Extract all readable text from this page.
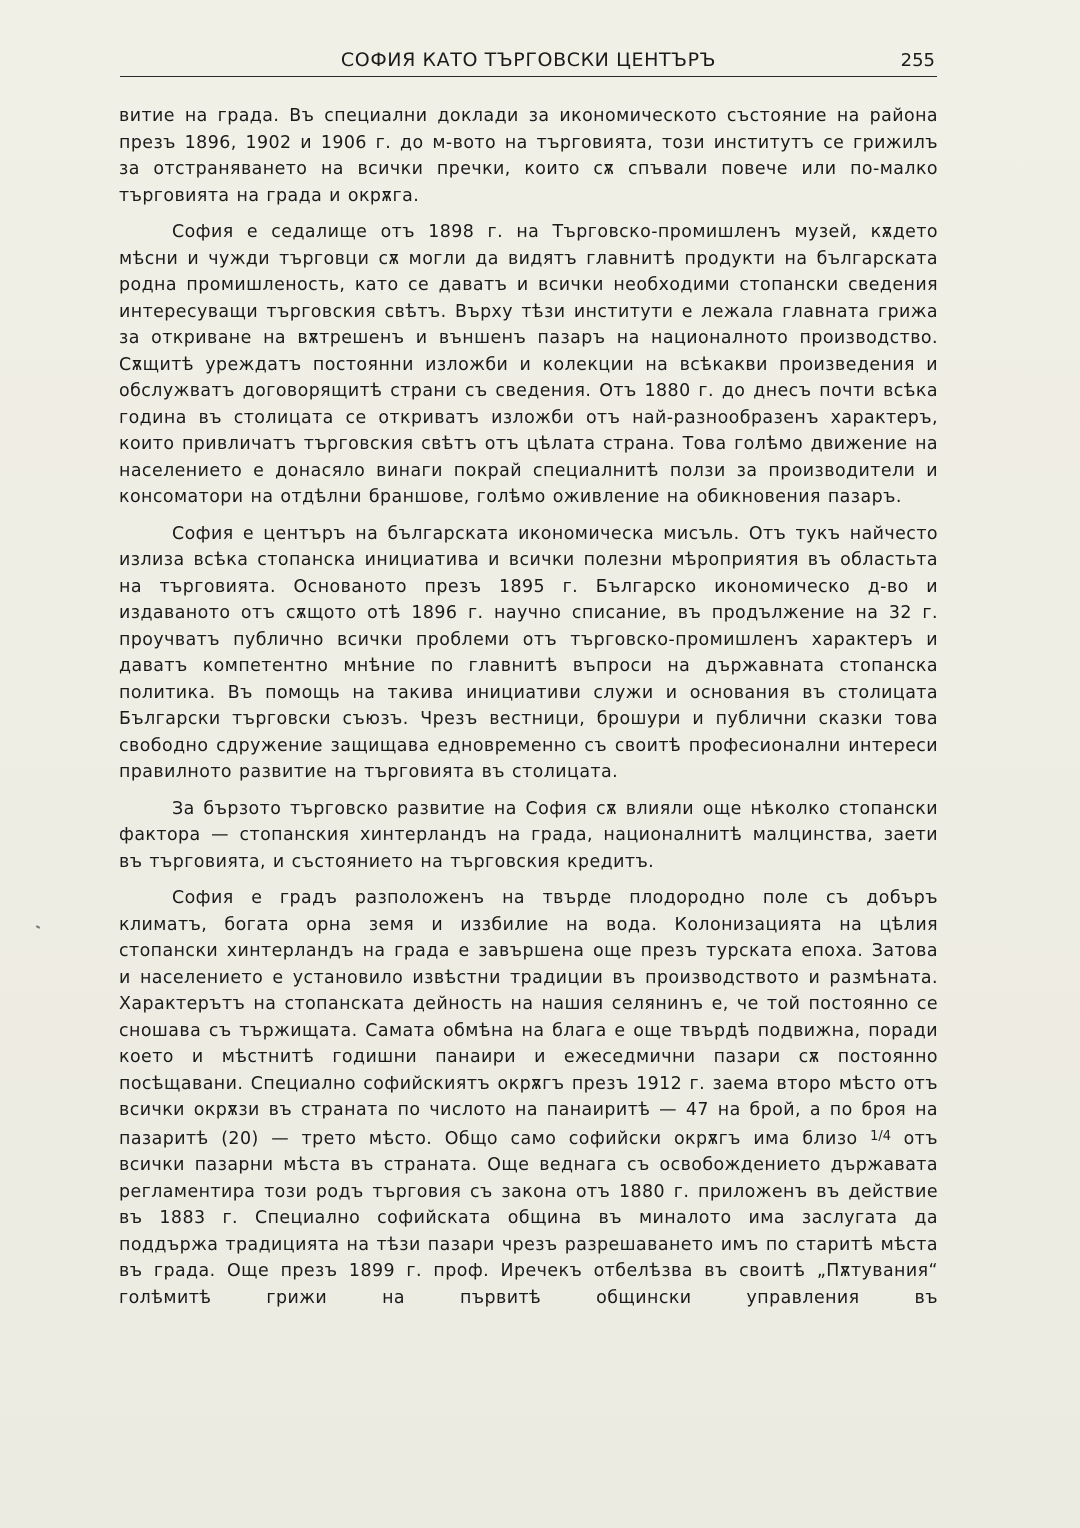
СОФИЯ КАТО ТЪРГОВСКИ ЦЕНТЪРЪ	255

витие на града. Въ специални доклади за икономическото състояние на района презъ 1896, 1902 и 1906 г. до м-вото на търговията, този институтъ се грижилъ за отстраняването на всички пречки, които сѫ спъвали повече или по-малко търговията на града и окрѫга.

София е седалище отъ 1898 г. на Търговско-промишленъ музей, кѫдето мѣсни и чужди търговци сѫ могли да видятъ главнитѣ продукти на българската родна промишленость, като се даватъ и всички необходими стопански сведения интересуващи търговския свѣтъ. Върху тѣзи институти е лежала главната грижа за откриване на вѫтрешенъ и външенъ пазаръ на националното производство. Сѫщитѣ уреждатъ постоянни изложби и колекции на всѣкакви произведения и обслужватъ договорящитѣ страни съ сведения. Отъ 1880 г. до днесъ почти всѣка година въ столицата се откриватъ изложби отъ най-разнообразенъ характеръ, които привличатъ търговския свѣтъ отъ цѣлата страна. Това голѣмо движение на населението е донасяло винаги покрай специалнитѣ ползи за производители и консоматори на отдѣлни браншове, голѣмо оживление на обикновения пазаръ.

София е центъръ на българската икономическа мисъль. Отъ тукъ найчесто излиза всѣка стопанска инициатива и всички полезни мѣроприятия въ областьта на търговията. Основаното презъ 1895 г. Българско икономическо д-во и издаваното отъ сѫщото отѣ 1896 г. научно списание, въ продължение на 32 г. проучватъ публично всички проблеми отъ търговско-промишленъ характеръ и даватъ компетентно мнѣние по главнитѣ въпроси на държавната стопанска политика. Въ помощь на такива инициативи служи и основания въ столицата Български търговски съюзъ. Чрезъ вестници, брошури и публични сказки това свободно сдружение защищава едновременно съ своитѣ професионални интереси правилното развитие на търговията въ столицата.

За бързото търговско развитие на София сѫ влияли още нѣколко стопански фактора — стопанския хинтерландъ на града, националнитѣ малцинства, заети въ търговията, и състоянието на търговския кредитъ.

София е градъ разположенъ на твърде плодородно поле съ добъръ климатъ, богата орна земя и иззбилие на вода. Колонизацията на цѣлия стопански хинтерландъ на града е завършена още презъ турската епоха. Затова и населението е установило извѣстни традиции въ производството и размѣната. Характерътъ на стопанската дейность на нашия селянинъ е, че той постоянно се сношава съ тържищата. Самата обмѣна на блага е още твърдѣ подвижна, поради което и мѣстнитѣ годишни панаири и ежеседмични пазари сѫ постоянно посѣщавани. Специално софийскиятъ окрѫгъ презъ 1912 г. заема второ мѣсто отъ всички окрѫзи въ страната по числото на панаиритѣ — 47 на брой, а по броя на пазаритѣ (20) — трето мѣсто. Общо само софийски окрѫгъ има близо $^{1/4}$ отъ всички пазарни мѣста въ страната. Още веднага съ освобождението държавата регламентира този родъ търговия съ закона отъ 1880 г. приложенъ въ действие въ 1883 г. Специално софийската община въ миналото има заслугата да поддържа традицията на тѣзи пазари чрезъ разрешаването имъ по старитѣ мѣста въ града. Още презъ 1899 г. проф. Иречекъ отбелѣзва въ своитѣ „Пѫтувания“ голѣмитѣ грижи на първитѣ общински управления въ
